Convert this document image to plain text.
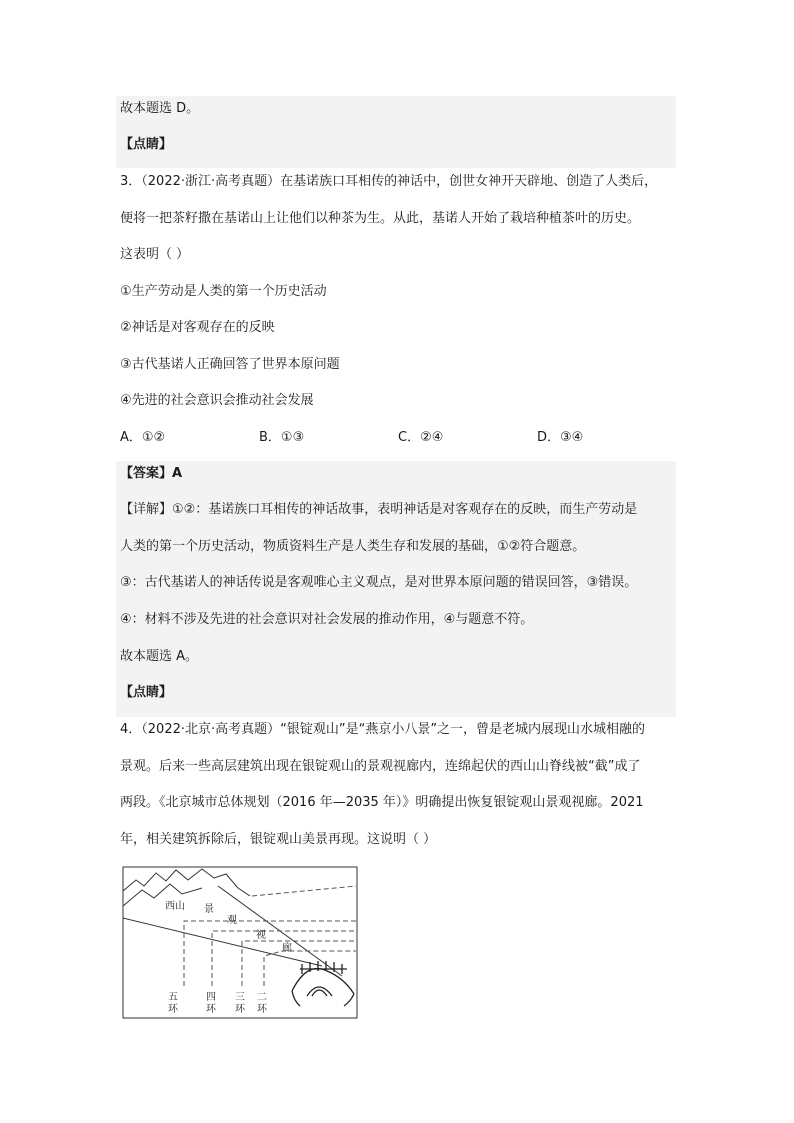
故本题选 D。
【点睛】
3．（2022·浙江·高考真题）在基诺族口耳相传的神话中，创世女神开天辟地、创造了人类后，
便将一把茶籽撒在基诺山上让他们以种茶为生。从此，基诺人开始了栽培种植茶叶的历史。
这表明（ ）
①生产劳动是人类的第一个历史活动
②神话是对客观存在的反映
③古代基诺人正确回答了世界本原问题
④先进的社会意识会推动社会发展
A．①②	B．①③	C．②④	D．③④
【答案】A
【详解】①②：基诺族口耳相传的神话故事，表明神话是对客观存在的反映，而生产劳动是
人类的第一个历史活动，物质资料生产是人类生存和发展的基础，①②符合题意。
③：古代基诺人的神话传说是客观唯心主义观点，是对世界本原问题的错误回答，③错误。
④：材料不涉及先进的社会意识对社会发展的推动作用，④与题意不符。
故本题选 A。
【点睛】
4．（2022·北京·高考真题）“银锭观山”是“燕京小八景”之一，曾是老城内展现山水城相融的
景观。后来一些高层建筑出现在银锭观山的景观视廊内，连绵起伏的西山山脊线被“截”成了
两段。《北京城市总体规划（2016 年—2035 年）》明确提出恢复银锭观山景观视廊。2021
年，相关建筑拆除后，银锭观山美景再现。这说明（ ）
西山 景
观
视
廊
五
环
四
环
三
环
二
环
